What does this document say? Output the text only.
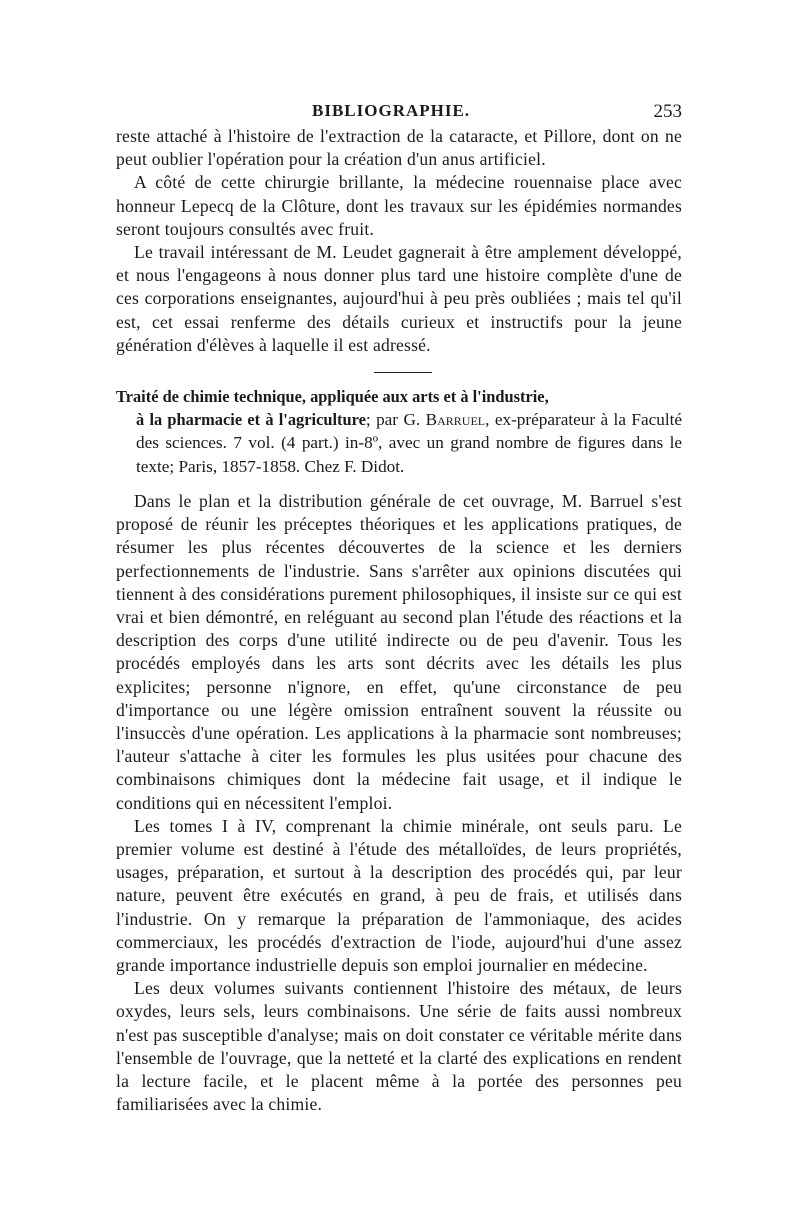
BIBLIOGRAPHIE.	253

reste attaché à l'histoire de l'extraction de la cataracte, et Pillore, dont on ne peut oublier l'opération pour la création d'un anus artificiel.

A côté de cette chirurgie brillante, la médecine rouennaise place avec honneur Lepecq de la Clôture, dont les travaux sur les épidémies normandes seront toujours consultés avec fruit.

Le travail intéressant de M. Leudet gagnerait à être amplement développé, et nous l'engageons à nous donner plus tard une histoire complète d'une de ces corporations enseignantes, aujourd'hui à peu près oubliées ; mais tel qu'il est, cet essai renferme des détails curieux et instructifs pour la jeune génération d'élèves à laquelle il est adressé.

Traité de chimie technique, appliquée aux arts et à l'industrie,
à la pharmacie et à l'agriculture; par G. Barruel, ex-préparateur à la Faculté des sciences. 7 vol. (4 part.) in-8º, avec un grand nombre de figures dans le texte; Paris, 1857-1858. Chez F. Didot.

Dans le plan et la distribution générale de cet ouvrage, M. Barruel s'est proposé de réunir les préceptes théoriques et les applications pratiques, de résumer les plus récentes découvertes de la science et les derniers perfectionnements de l'industrie. Sans s'arrêter aux opinions discutées qui tiennent à des considérations purement philosophiques, il insiste sur ce qui est vrai et bien démontré, en reléguant au second plan l'étude des réactions et la description des corps d'une utilité indirecte ou de peu d'avenir. Tous les procédés employés dans les arts sont décrits avec les détails les plus explicites; personne n'ignore, en effet, qu'une circonstance de peu d'importance ou une légère omission entraînent souvent la réussite ou l'insuccès d'une opération. Les applications à la pharmacie sont nombreuses; l'auteur s'attache à citer les formules les plus usitées pour chacune des combinaisons chimiques dont la médecine fait usage, et il indique le conditions qui en nécessitent l'emploi.

Les tomes I à IV, comprenant la chimie minérale, ont seuls paru. Le premier volume est destiné à l'étude des métalloïdes, de leurs propriétés, usages, préparation, et surtout à la description des procédés qui, par leur nature, peuvent être exécutés en grand, à peu de frais, et utilisés dans l'industrie. On y remarque la préparation de l'ammoniaque, des acides commerciaux, les procédés d'extraction de l'iode, aujourd'hui d'une assez grande importance industrielle depuis son emploi journalier en médecine.

Les deux volumes suivants contiennent l'histoire des métaux, de leurs oxydes, leurs sels, leurs combinaisons. Une série de faits aussi nombreux n'est pas susceptible d'analyse; mais on doit constater ce véritable mérite dans l'ensemble de l'ouvrage, que la netteté et la clarté des explications en rendent la lecture facile, et le placent même à la portée des personnes peu familiarisées avec la chimie.
